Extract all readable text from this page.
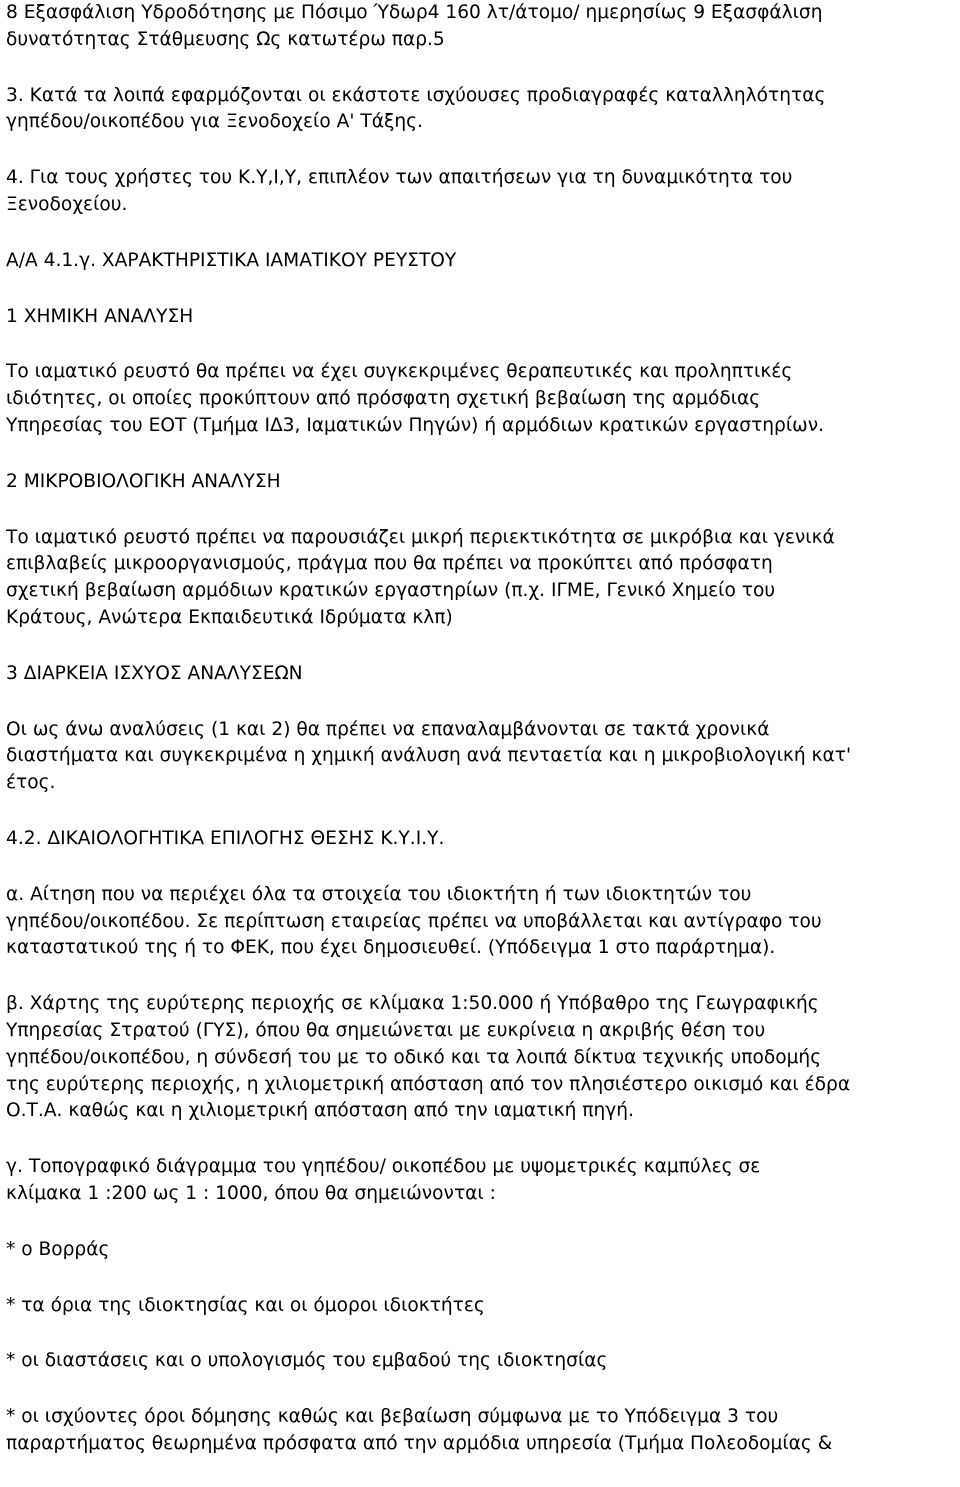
8 Εξασφάλιση Υδροδότησης με Πόσιμο Ύδωρ4 160 λτ/άτομο/ ημερησίως 9 Εξασφάλιση
δυνατότητας Στάθμευσης Ως κατωτέρω παρ.5
3. Κατά τα λοιπά εφαρμόζονται οι εκάστοτε ισχύουσες προδιαγραφές καταλληλότητας
γηπέδου/οικοπέδου για Ξενοδοχείο Α' Τάξης.
4. Για τους χρήστες του Κ.Υ,Ι,Υ, επιπλέον των απαιτήσεων για τη δυναμικότητα του
Ξενοδοχείου.
Α/Α 4.1.γ. ΧΑΡΑΚΤΗΡΙΣΤΙΚΑ ΙΑΜΑΤΙΚΟΥ ΡΕΥΣΤΟΥ
1 ΧΗΜΙΚΗ ΑΝΑΛΥΣΗ
Το ιαματικό ρευστό θα πρέπει να έχει συγκεκριμένες θεραπευτικές και προληπτικές
ιδιότητες, οι οποίες προκύπτουν από πρόσφατη σχετική βεβαίωση της αρμόδιας
Υπηρεσίας του ΕΟΤ (Τμήμα ΙΔ3, Ιαματικών Πηγών) ή αρμόδιων κρατικών εργαστηρίων.
2 ΜΙΚΡΟΒΙΟΛΟΓΙΚΗ ΑΝΑΛΥΣΗ
Το ιαματικό ρευστό πρέπει να παρουσιάζει μικρή περιεκτικότητα σε μικρόβια και γενικά
επιβλαβείς μικροοργανισμούς, πράγμα που θα πρέπει να προκύπτει από πρόσφατη
σχετική βεβαίωση αρμόδιων κρατικών εργαστηρίων (π.χ. ΙΓΜΕ, Γενικό Χημείο του
Κράτους, Ανώτερα Εκπαιδευτικά Ιδρύματα κλπ)
3 ΔΙΑΡΚΕΙΑ ΙΣΧΥΟΣ ΑΝΑΛΥΣΕΩΝ
Οι ως άνω αναλύσεις (1 και 2) θα πρέπει να επαναλαμβάνονται σε τακτά χρονικά
διαστήματα και συγκεκριμένα η χημική ανάλυση ανά πενταετία και η μικροβιολογική κατ'
έτος.
4.2. ΔΙΚΑΙΟΛΟΓΗΤΙΚΑ ΕΠΙΛΟΓΗΣ ΘΕΣΗΣ Κ.Υ.Ι.Υ.
α. Αίτηση που να περιέχει όλα τα στοιχεία του ιδιοκτήτη ή των ιδιοκτητών του
γηπέδου/οικοπέδου. Σε περίπτωση εταιρείας πρέπει να υποβάλλεται και αντίγραφο του
καταστατικού της ή το ΦΕΚ, που έχει δημοσιευθεί. (Υπόδειγμα 1 στο παράρτημα).
β. Χάρτης της ευρύτερης περιοχής σε κλίμακα 1:50.000 ή Υπόβαθρο της Γεωγραφικής
Υπηρεσίας Στρατού (ΓΥΣ), όπου θα σημειώνεται με ευκρίνεια η ακριβής θέση του
γηπέδου/οικοπέδου, η σύνδεσή του με το οδικό και τα λοιπά δίκτυα τεχνικής υποδομής
της ευρύτερης περιοχής, η χιλιομετρική απόσταση από τον πλησιέστερο οικισμό και έδρα
Ο.Τ.Α. καθώς και η χιλιομετρική απόσταση από την ιαματική πηγή.
γ. Τοπογραφικό διάγραμμα του γηπέδου/ οικοπέδου με υψομετρικές καμπύλες σε
κλίμακα 1 :200 ως 1 : 1000, όπου θα σημειώνονται :
* ο Βορράς
* τα όρια της ιδιοκτησίας και οι όμοροι ιδιοκτήτες
* οι διαστάσεις και ο υπολογισμός του εμβαδού της ιδιοκτησίας
* οι ισχύοντες όροι δόμησης καθώς και βεβαίωση σύμφωνα με το Υπόδειγμα 3 του
παραρτήματος θεωρημένα πρόσφατα από την αρμόδια υπηρεσία (Τμήμα Πολεοδομίας &
